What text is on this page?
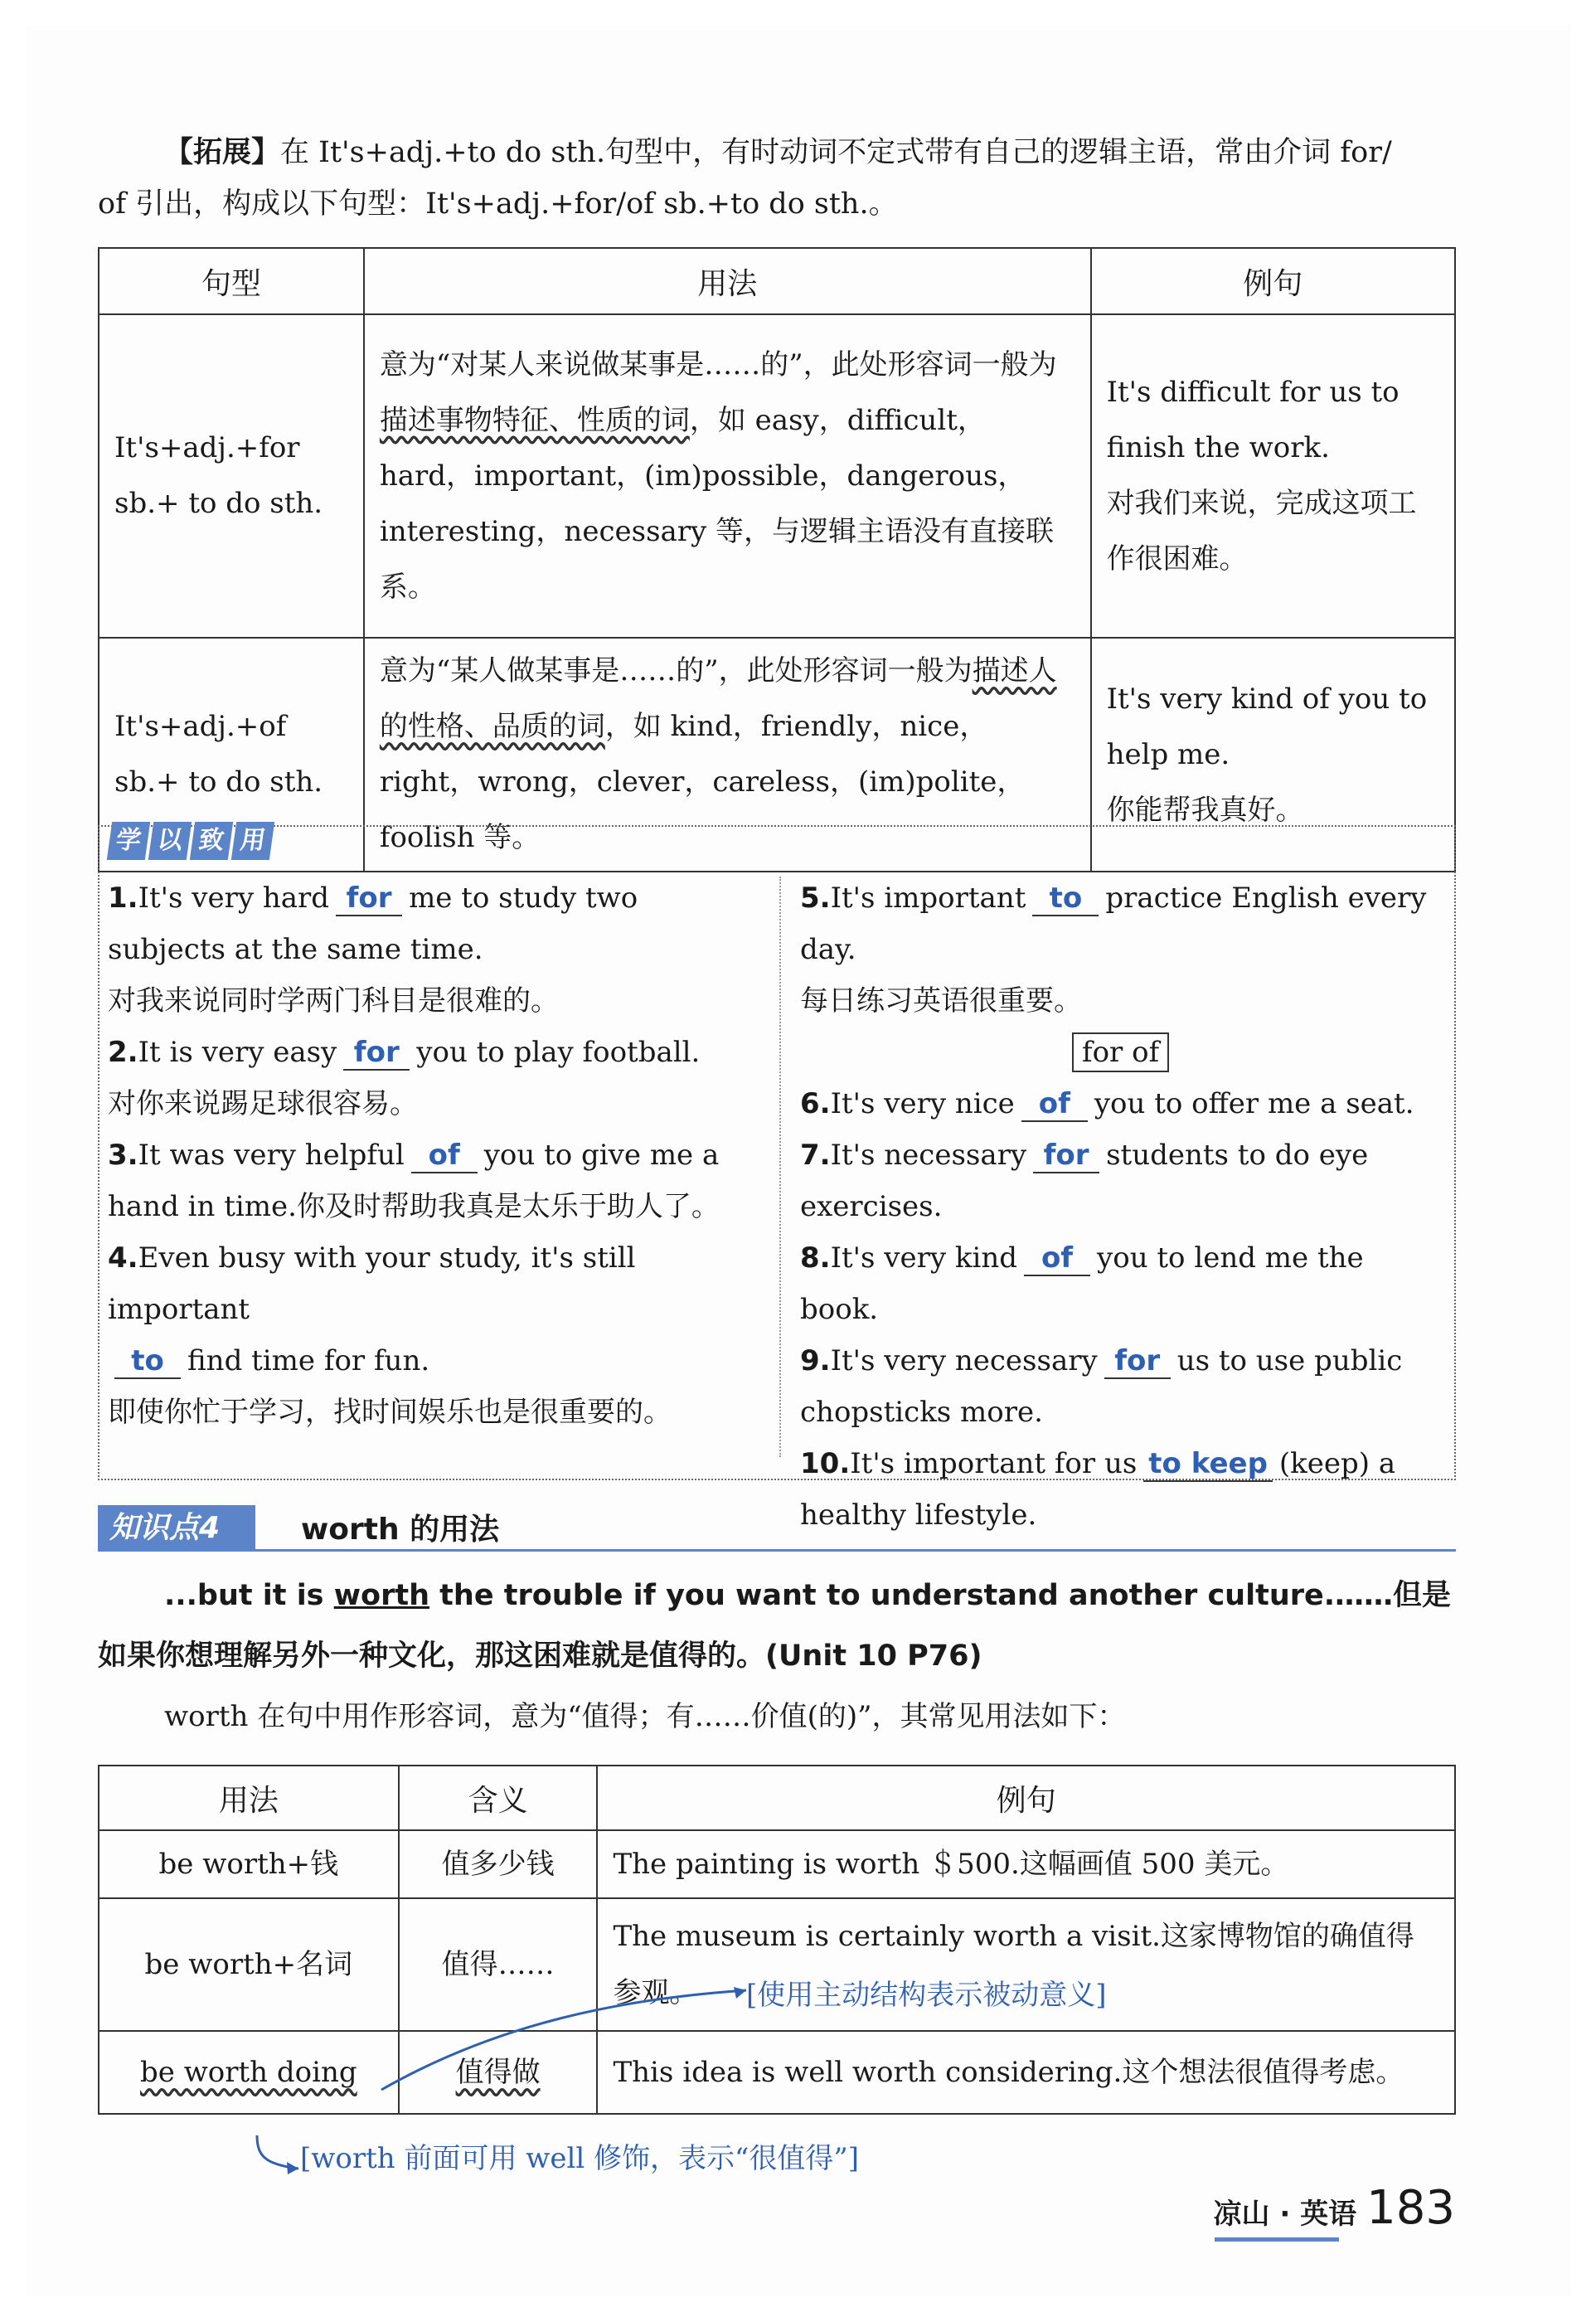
【拓展】在 It's+adj.+to do sth.句型中，有时动词不定式带有自己的逻辑主语，常由介词 for/
of 引出，构成以下句型：It's+adj.+for/of sb.+to do sth.。
句型	用法	例句
It's+adj.+for sb.+ to do sth.	意为“对某人来说做某事是……的”，此处形容词一般为描述事物特征、性质的词，如 easy，difficult，hard，important，(im)possible，dangerous，interesting，necessary 等，与逻辑主语没有直接联系。	It's difficult for us to finish the work.
对我们来说，完成这项工作很困难。

It's+adj.+of sb.+ to do sth.	意为“某人做某事是……的”，此处形容词一般为描述人的性格、品质的词，如 kind，friendly，nice，right，wrong，clever，careless，(im)polite，foolish 等。	It's very kind of you to help me.
你能帮我真好。
学 以 致 用
1.It's very hard for me to study two subjects at the same time.
对我来说同时学两门科目是很难的。
2.It is very easy for you to play football.
对你来说踢足球很容易。
3.It was very helpful of you to give me a hand in time.你及时帮助我真是太乐于助人了。
4.Even busy with your study, it's still important
to find time for fun.
即使你忙于学习，找时间娱乐也是很重要的。
5.It's important to practice English every day.
每日练习英语很重要。
for of
6.It's very nice of you to offer me a seat.
7.It's necessary for students to do eye exercises.
8.It's very kind of you to lend me the book.
9.It's very necessary for us to use public chopsticks more.
10.It's important for us to keep (keep) a healthy lifestyle.
知识点4	worth 的用法
...but it is worth the trouble if you want to understand another culture.……但是如果你想理解另外一种文化，那这困难就是值得的。(Unit 10 P76)
worth 在句中用作形容词，意为“值得；有……价值(的)”，其常见用法如下：
用法	含义	例句
be worth+钱	值多少钱	The painting is worth ＄500.这幅画值 500 美元。
be worth+名词	值得……	The museum is certainly worth a visit.这家博物馆的确值得参观。
be worth doing	值得做	This idea is well worth considering.这个想法很值得考虑。
[使用主动结构表示被动意义]
[worth 前面可用 well 修饰，表示“很值得”]
凉山 · 英语 183
